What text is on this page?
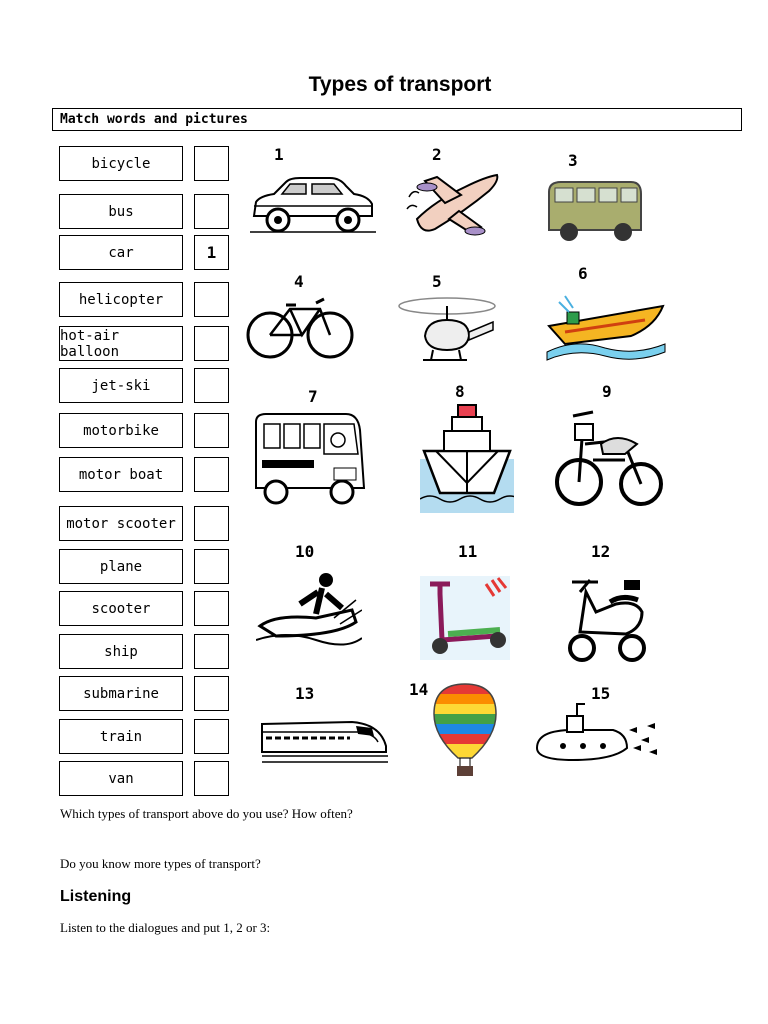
Types of transport
Match words and pictures
bicycle
bus
car	1
helicopter
hot-air balloon
jet-ski
motorbike
motor boat
motor scooter
plane
scooter
ship
submarine
train
van
1	2	3
4	5	6
7	8	9
10	11	12
13	14	15
Which types of transport above do you use? How often?
Do you know more types of transport?
Listening
Listen to the dialogues and put 1, 2 or 3:
